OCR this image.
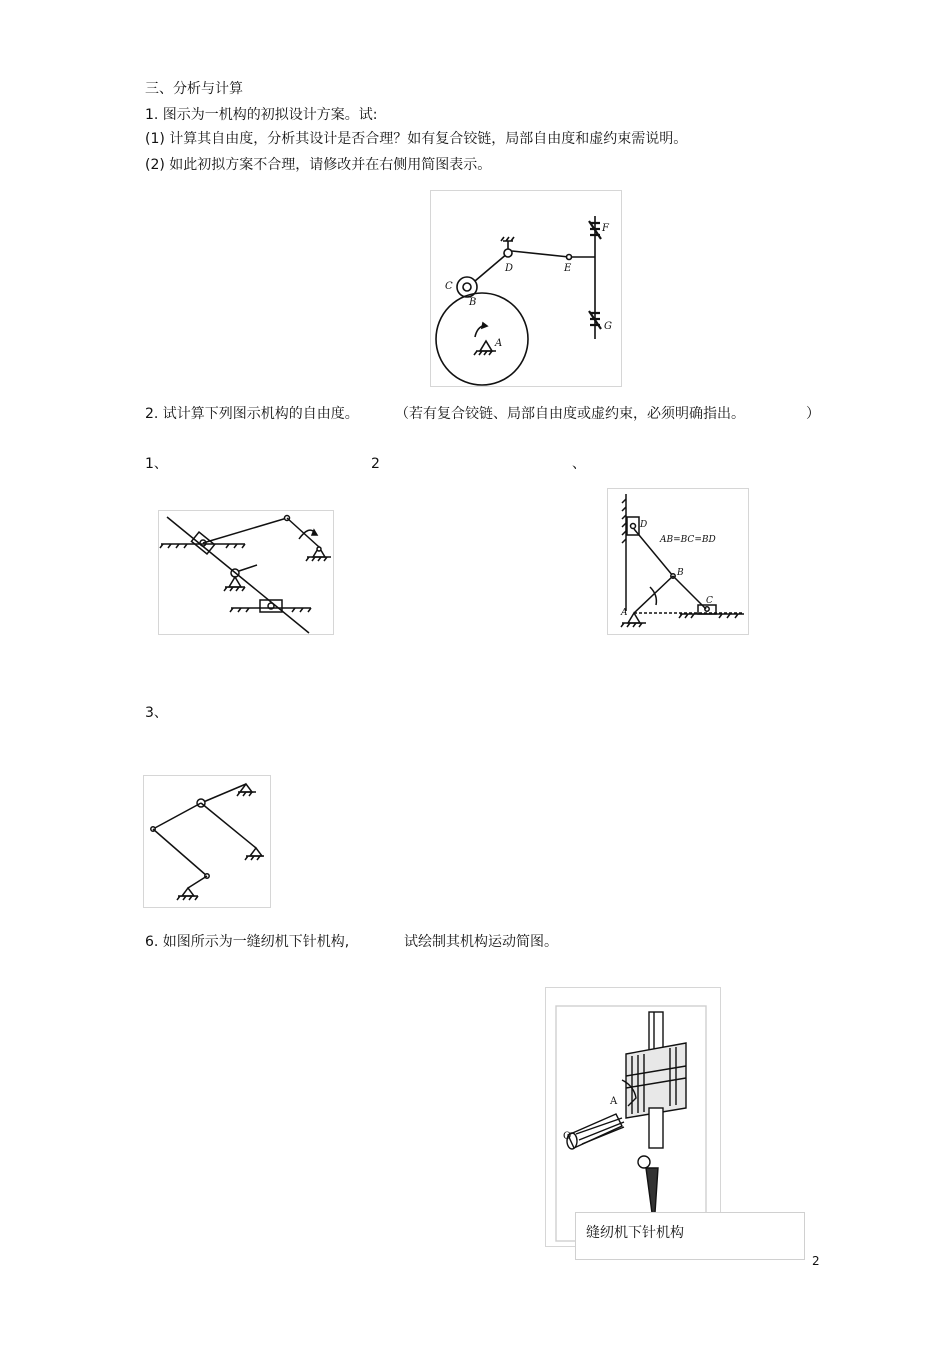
三、分析与计算
1. 图示为一机构的初拟设计方案。试:
(1) 计算其自由度，分析其设计是否合理？如有复合铰链，局部自由度和虚约束需说明。
(2) 如此初拟方案不合理，请修改并在右侧用简图表示。
2. 试计算下列图示机构的自由度。	（若有复合铰链、局部自由度或虚约束，必须明确指出。	）
1、	2	、
3、
6. 如图所示为一缝纫机下针机构,	试绘制其机构运动简图。
C
B
D	E
F
G
A
D
AB=BC=BD
B
A
C
A
O
缝纫机下针机构
2
